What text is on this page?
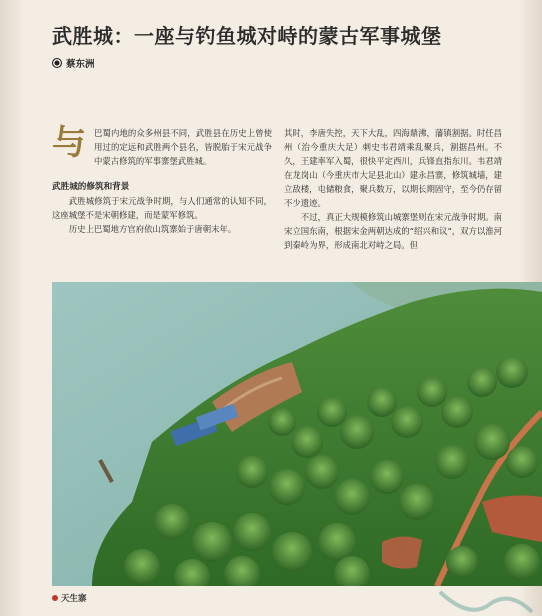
武胜城：一座与钓鱼城对峙的蒙古军事城堡
蔡东洲
与 巴蜀内地的众多州县不同，武胜县在历史上曾使用过的定远和武胜两个县名，皆脱胎于宋元战争中蒙古修筑的军事寨堡武胜城。
武胜城的修筑和背景

武胜城修筑于宋元战争时期，与人们通常的认知不同，这座城堡不是宋朝修建，而是蒙军修筑。

历史上巴蜀地方官府依山筑寨始于唐朝末年。

其时，李唐失控，天下大乱，四海鼎沸，藩镇割据。时任昌州（治今重庆大足）刺史韦君靖乘乱聚兵，割据昌州。不久，王建率军入蜀，很快平定西川，兵锋直指东川。韦君靖在龙岗山（今重庆市大足县北山）建永昌寨，修筑城墙，建立敌楼，屯储粮食，聚兵数万，以期长期固守，至今仍存留不少遗迹。

不过，真正大规模修筑山城寨堡则在宋元战争时期。南宋立国东南，根据宋金两朝达成的“绍兴和议”，双方以淮河到秦岭为界，形成南北对峙之局。但

天生寨
